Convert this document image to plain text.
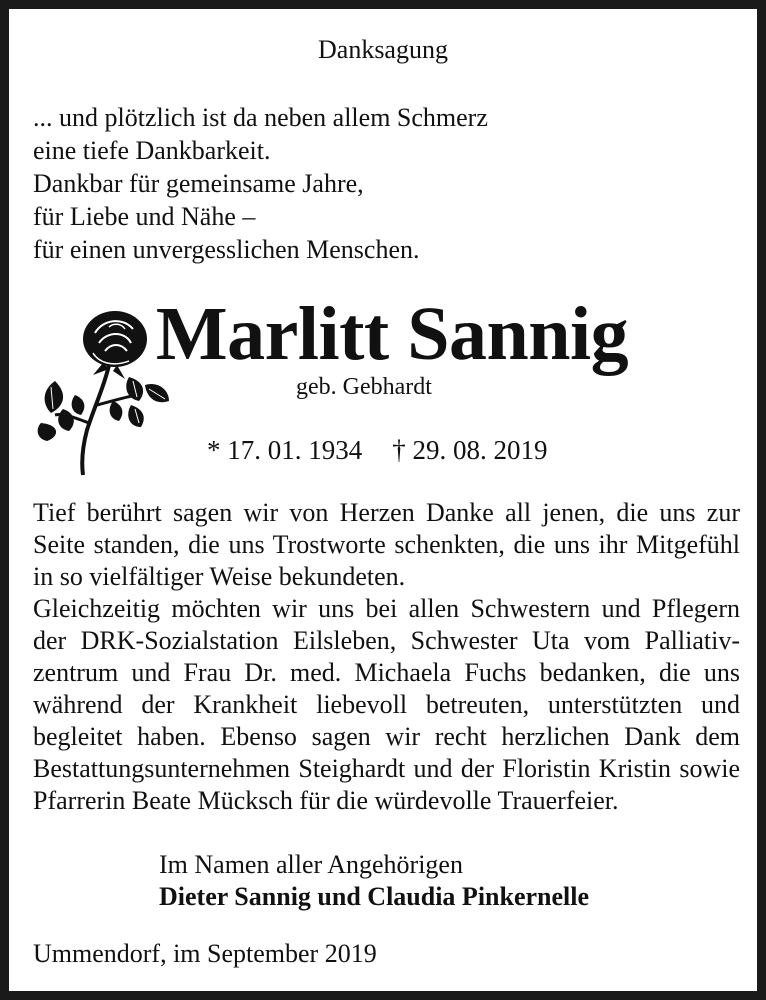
Danksagung
... und plötzlich ist da neben allem Schmerz
eine tiefe Dankbarkeit.
Dankbar für gemeinsame Jahre,
für Liebe und Nähe –
für einen unvergesslichen Menschen.
Marlitt Sannig
geb. Gebhardt
* 17. 01. 1934 † 29. 08. 2019
Tief berührt sagen wir von Herzen Danke all jenen, die uns zur Seite standen, die uns Trostworte schenkten, die uns ihr Mitgefühl in so vielfältiger Weise bekundeten.
Gleichzeitig möchten wir uns bei allen Schwestern und Pflegern der DRK-Sozialstation Eilsleben, Schwester Uta vom Palliativ-zentrum und Frau Dr. med. Michaela Fuchs bedanken, die uns während der Krankheit liebevoll betreuten, unterstützten und begleitet haben. Ebenso sagen wir recht herzlichen Dank dem Bestattungsunternehmen Steighardt und der Floristin Kristin sowie Pfarrerin Beate Mücksch für die würdevolle Trauerfeier.
Im Namen aller Angehörigen
Dieter Sannig und Claudia Pinkernelle
Ummendorf, im September 2019
